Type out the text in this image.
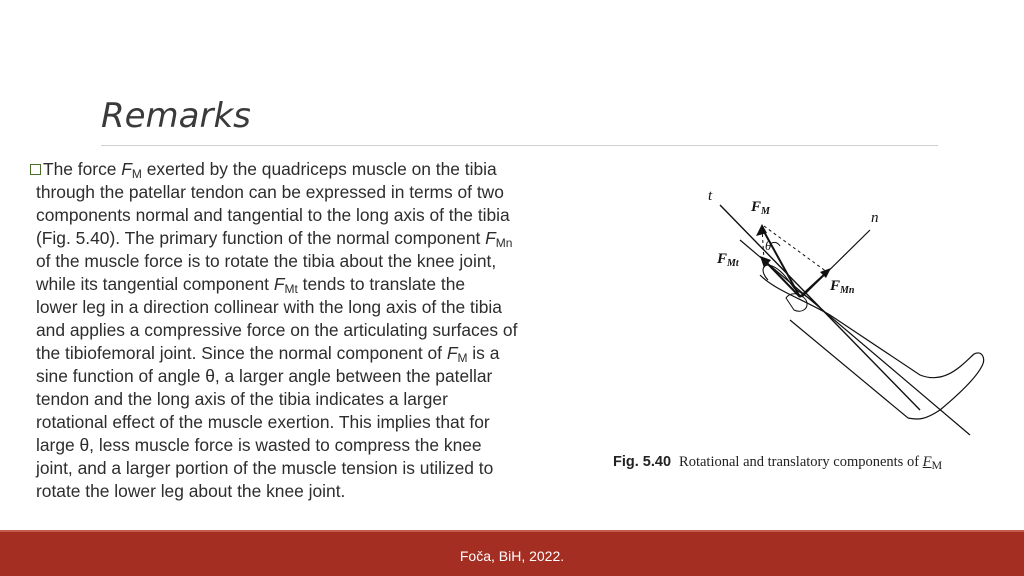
Remarks
The force $F_M$ exerted by the quadriceps muscle on the tibia
through the patellar tendon can be expressed in terms of two
components normal and tangential to the long axis of the tibia
(Fig. 5.40). The primary function of the normal component $F_{Mn}$
of the muscle force is to rotate the tibia about the knee joint,
while its tangential component $F_{Mt}$ tends to translate the
lower leg in a direction collinear with the long axis of the tibia
and applies a compressive force on the articulating surfaces of
the tibiofemoral joint. Since the normal component of $F_M$ is a
sine function of angle θ, a larger angle between the patellar
tendon and the long axis of the tibia indicates a larger
rotational effect of the muscle exertion. This implies that for
large θ, less muscle force is wasted to compress the knee
joint, and a larger portion of the muscle tension is utilized to
rotate the lower leg about the knee joint.
t
n
θ
$F_M$
$F_{Mt}$
$F_{Mn}$
Fig. 5.40 Rotational and translatory components of $F_M$
Foča, BiH, 2022.
